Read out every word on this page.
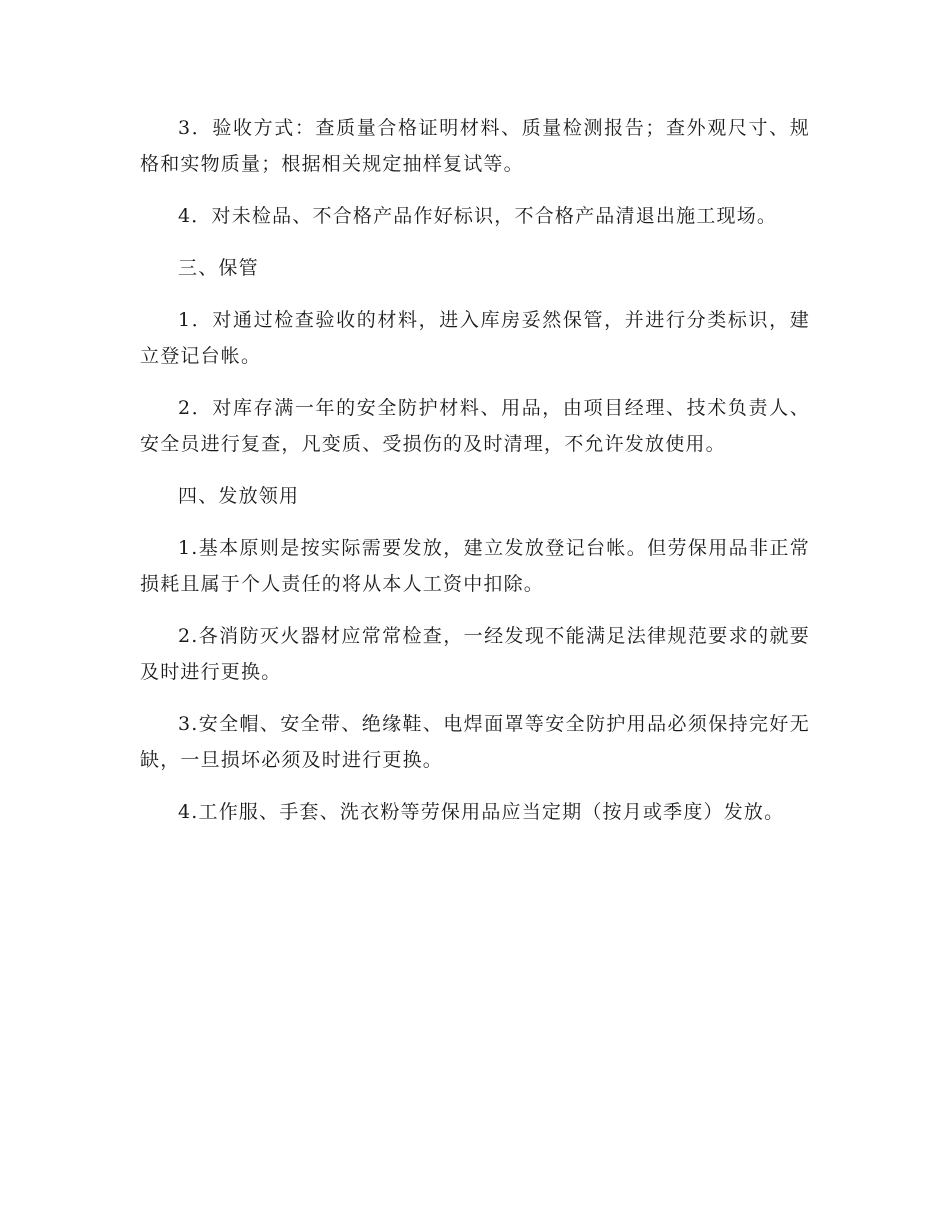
3．验收方式：查质量合格证明材料、质量检测报告；查外观尺寸、规格和实物质量；根据相关规定抽样复试等。

4．对未检品、不合格产品作好标识，不合格产品清退出施工现场。

三、保管

1．对通过检查验收的材料，进入库房妥然保管，并进行分类标识，建立登记台帐。

2．对库存满一年的安全防护材料、用品，由项目经理、技术负责人、安全员进行复查，凡变质、受损伤的及时清理，不允许发放使用。

四、发放领用

1.基本原则是按实际需要发放，建立发放登记台帐。但劳保用品非正常损耗且属于个人责任的将从本人工资中扣除。

2.各消防灭火器材应常常检查，一经发现不能满足法律规范要求的就要及时进行更换。

3.安全帽、安全带、绝缘鞋、电焊面罩等安全防护用品必须保持完好无缺，一旦损坏必须及时进行更换。

4.工作服、手套、洗衣粉等劳保用品应当定期（按月或季度）发放。
